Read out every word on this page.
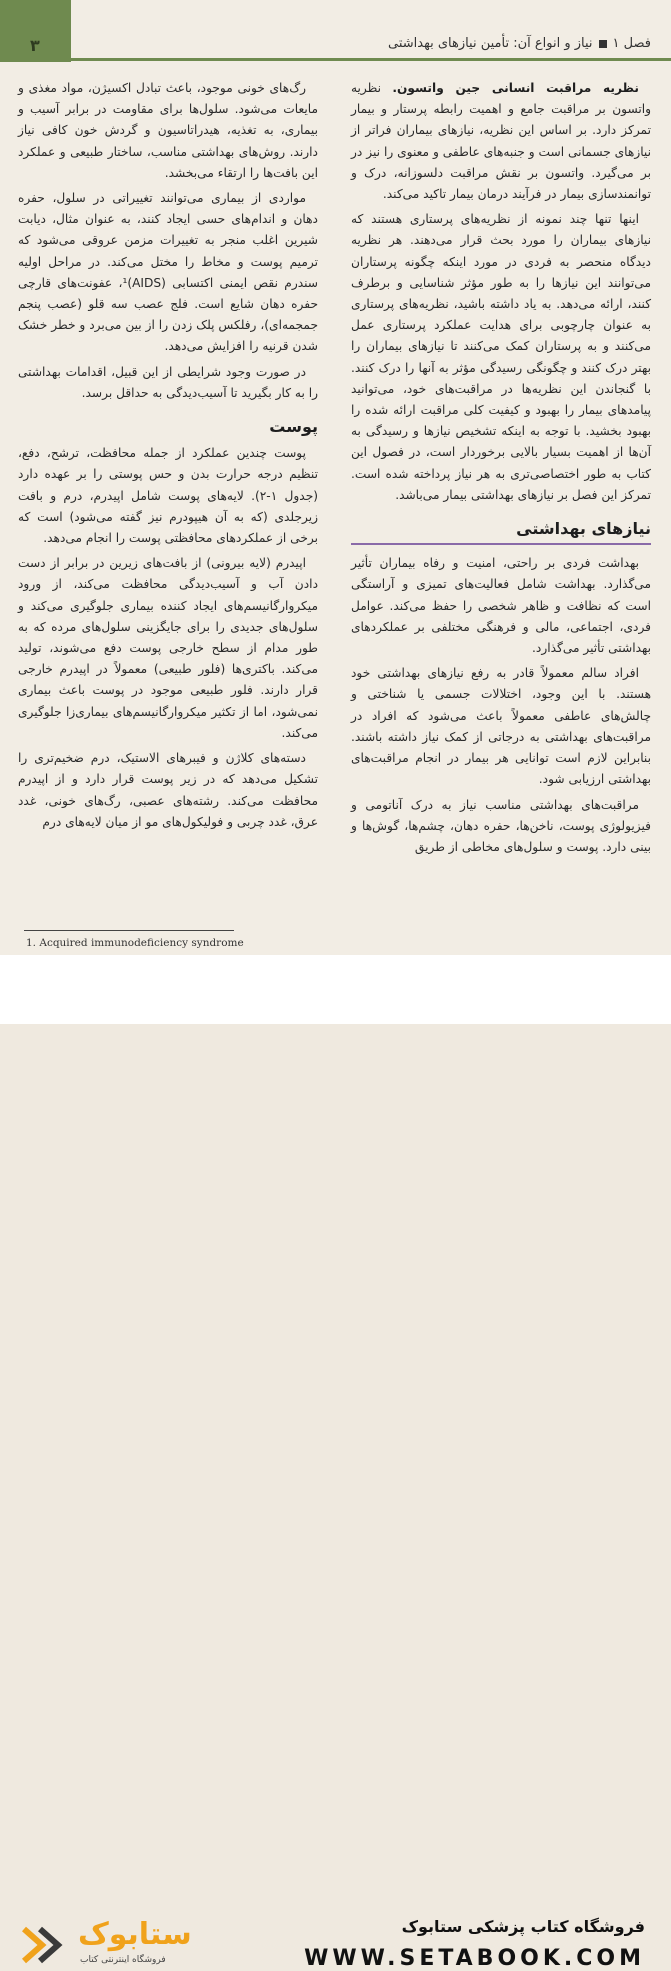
۳	فصل ۱نیاز و انواع آن: تأمین نیازهای بهداشتی

نظریه مراقبت انسانی جین واتسون. نظریه واتسون بر مراقبت جامع و اهمیت رابطه پرستار و بیمار تمرکز دارد. بر اساس این نظریه، نیازهای بیماران فراتر از نیازهای جسمانی است و جنبه‌های عاطفی و معنوی را نیز در بر می‌گیرد. واتسون بر نقش مراقبت دلسوزانه، درک و توانمندسازی بیمار در فرآیند درمان بیمار تاکید می‌کند.

اینها تنها چند نمونه از نظریه‌های پرستاری هستند که نیازهای بیماران را مورد بحث قرار می‌دهند. هر نظریه دیدگاه منحصر به فردی در مورد اینکه چگونه پرستاران می‌توانند این نیازها را به طور مؤثر شناسایی و برطرف کنند، ارائه می‌دهد. به یاد داشته باشید، نظریه‌های پرستاری به عنوان چارچوبی برای هدایت عملکرد پرستاری عمل می‌کنند و به پرستاران کمک می‌کنند تا نیازهای بیماران را بهتر درک کنند و چگونگی رسیدگی مؤثر به آنها را درک کنند. با گنجاندن این نظریه‌ها در مراقبت‌های خود، می‌توانید پیامدهای بیمار را بهبود و کیفیت کلی مراقبت ارائه شده را بهبود بخشید. با توجه به اینکه تشخیص نیازها و رسیدگی به آن‌ها از اهمیت بسیار بالایی برخوردار است، در فصول این کتاب به طور اختصاصی‌تری به هر نیاز پرداخته شده است. تمرکز این فصل بر نیازهای بهداشتی بیمار می‌باشد.

نیازهای بهداشتی

بهداشت فردی بر راحتی، امنیت و رفاه بیماران تأثیر می‌گذارد. بهداشت شامل فعالیت‌های تمیزی و آراستگی است که نظافت و ظاهر شخصی را حفظ می‌کند. عوامل فردی، اجتماعی، مالی و فرهنگی مختلفی بر عملکردهای بهداشتی تأثیر می‌گذارد.

افراد سالم معمولاً قادر به رفع نیازهای بهداشتی خود هستند. با این وجود، اختلالات جسمی یا شناختی و چالش‌های عاطفی معمولاً باعث می‌شود که افراد در مراقبت‌های بهداشتی به درجاتی از کمک نیاز داشته باشند. بنابراین لازم است توانایی هر بیمار در انجام مراقبت‌های بهداشتی ارزیابی شود.

مراقبت‌های بهداشتی مناسب نیاز به درک آناتومی و فیزیولوژی پوست، ناخن‌ها، حفره دهان، چشم‌ها، گوش‌ها و بینی دارد. پوست و سلول‌های مخاطی از طریق

رگ‌های خونی موجود، باعث تبادل اکسیژن، مواد مغذی و مایعات می‌شود. سلول‌ها برای مقاومت در برابر آسیب و بیماری، به تغذیه، هیدراتاسیون و گردش خون کافی نیاز دارند. روش‌های بهداشتی مناسب، ساختار طبیعی و عملکرد این بافت‌ها را ارتقاء می‌بخشد.

مواردی از بیماری می‌توانند تغییراتی در سلول، حفره دهان و اندام‌های حسی ایجاد کنند، به عنوان مثال، دیابت شیرین اغلب منجر به تغییرات مزمن عروقی می‌شود که ترمیم پوست و مخاط را مختل می‌کند. در مراحل اولیه سندرم نقص ایمنی اکتسابی (AIDS)¹، عفونت‌های قارچی حفره دهان شایع است. فلج عصب سه قلو (عصب پنجم جمجمه‌ای)، رفلکس پلک زدن را از بین می‌برد و خطر خشک شدن قرنیه را افزایش می‌دهد.

در صورت وجود شرایطی از این قبیل، اقدامات بهداشتی را به کار بگیرید تا آسیب‌دیدگی به حداقل برسد.

پوست

پوست چندین عملکرد از جمله محافظت، ترشح، دفع، تنظیم درجه حرارت بدن و حس پوستی را بر عهده دارد (جدول ۱-۲). لایه‌های پوست شامل اپیدرم، درم و بافت زیرجلدی (که به آن هیپودرم نیز گفته می‌شود) است که برخی از عملکردهای محافظتی پوست را انجام می‌دهد.

اپیدرم (لایه بیرونی) از بافت‌های زیرین در برابر از دست دادن آب و آسیب‌دیدگی محافظت می‌کند، از ورود میکروارگانیسم‌های ایجاد کننده بیماری جلوگیری می‌کند و سلول‌های جدیدی را برای جایگزینی سلول‌های مرده که به طور مدام از سطح خارجی پوست دفع می‌شوند، تولید می‌کند. باکتری‌ها (فلور طبیعی) معمولاً در اپیدرم خارجی قرار دارند. فلور طبیعی موجود در پوست باعث بیماری نمی‌شود، اما از تکثیر میکروارگانیسم‌های بیماری‌زا جلوگیری می‌کند.

دسته‌های کلاژن و فیبرهای الاستیک، درم ضخیم‌تری را تشکیل می‌دهد که در زیر پوست قرار دارد و از اپیدرم محافظت می‌کند. رشته‌های عصبی، رگ‌های خونی، غدد عرق، غدد چربی و فولیکول‌های مو از میان لایه‌های درم

1. Acquired immunodeficiency syndrome
ستابوک
فروشگاه اینترنتی کتاب
فروشگاه کتاب پزشکی ستابوک
WWW.SETABOOK.COM
